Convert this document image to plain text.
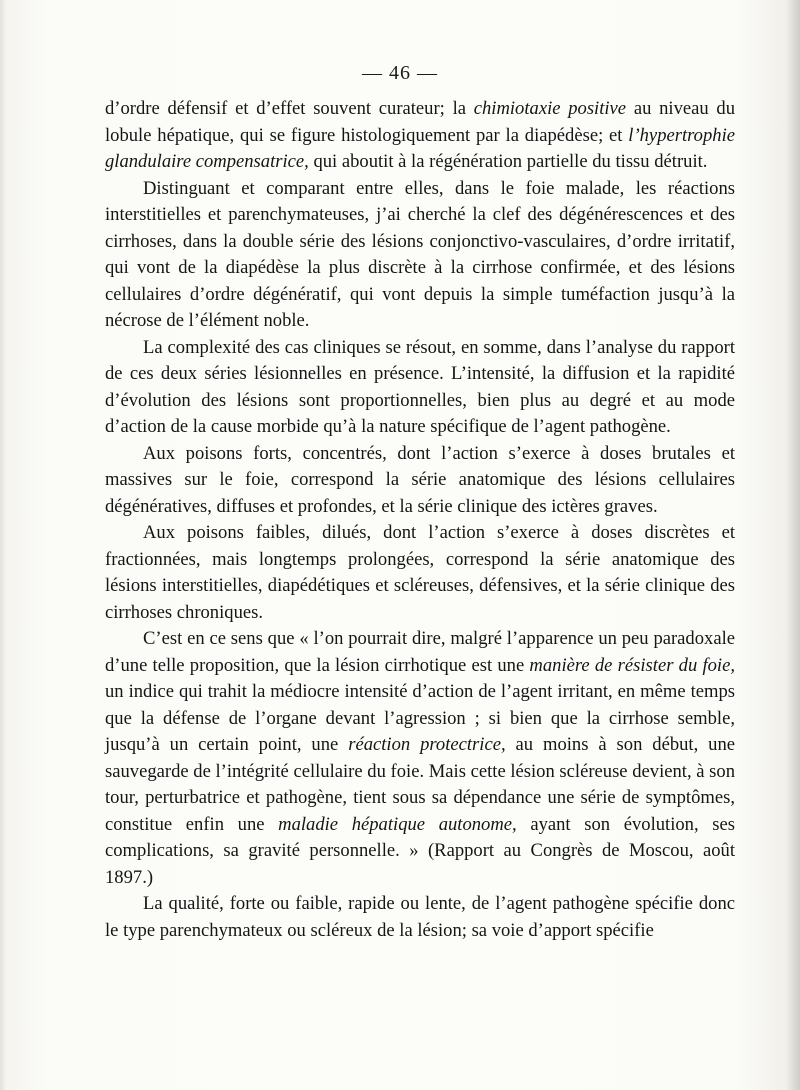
— 46 —

d’ordre défensif et d’effet souvent curateur; la chimiotaxie positive au niveau du lobule hépatique, qui se figure histologiquement par la diapédèse; et l’hypertrophie glandulaire compensatrice, qui aboutit à la régénération partielle du tissu détruit.

Distinguant et comparant entre elles, dans le foie malade, les réactions interstitielles et parenchymateuses, j’ai cherché la clef des dégénérescences et des cirrhoses, dans la double série des lésions conjonctivo-vasculaires, d’ordre irritatif, qui vont de la diapédèse la plus discrète à la cirrhose confirmée, et des lésions cellulaires d’ordre dégénératif, qui vont depuis la simple tuméfaction jusqu’à la nécrose de l’élément noble.

La complexité des cas cliniques se résout, en somme, dans l’analyse du rapport de ces deux séries lésionnelles en présence. L’intensité, la diffusion et la rapidité d’évolution des lésions sont proportionnelles, bien plus au degré et au mode d’action de la cause morbide qu’à la nature spécifique de l’agent pathogène.

Aux poisons forts, concentrés, dont l’action s’exerce à doses brutales et massives sur le foie, correspond la série anatomique des lésions cellulaires dégénératives, diffuses et profondes, et la série clinique des ictères graves.

Aux poisons faibles, dilués, dont l’action s’exerce à doses discrètes et fractionnées, mais longtemps prolongées, correspond la série anatomique des lésions interstitielles, diapédétiques et scléreuses, défensives, et la série clinique des cirrhoses chroniques.

C’est en ce sens que « l’on pourrait dire, malgré l’apparence un peu paradoxale d’une telle proposition, que la lésion cirrhotique est une manière de résister du foie, un indice qui trahit la médiocre intensité d’action de l’agent irritant, en même temps que la défense de l’organe devant l’agression ; si bien que la cirrhose semble, jusqu’à un certain point, une réaction protectrice, au moins à son début, une sauvegarde de l’intégrité cellulaire du foie. Mais cette lésion scléreuse devient, à son tour, perturbatrice et pathogène, tient sous sa dépendance une série de symptômes, constitue enfin une maladie hépatique autonome, ayant son évolution, ses complications, sa gravité personnelle. » (Rapport au Congrès de Moscou, août 1897.)

La qualité, forte ou faible, rapide ou lente, de l’agent pathogène spécifie donc le type parenchymateux ou scléreux de la lésion; sa voie d’apport spécifie
